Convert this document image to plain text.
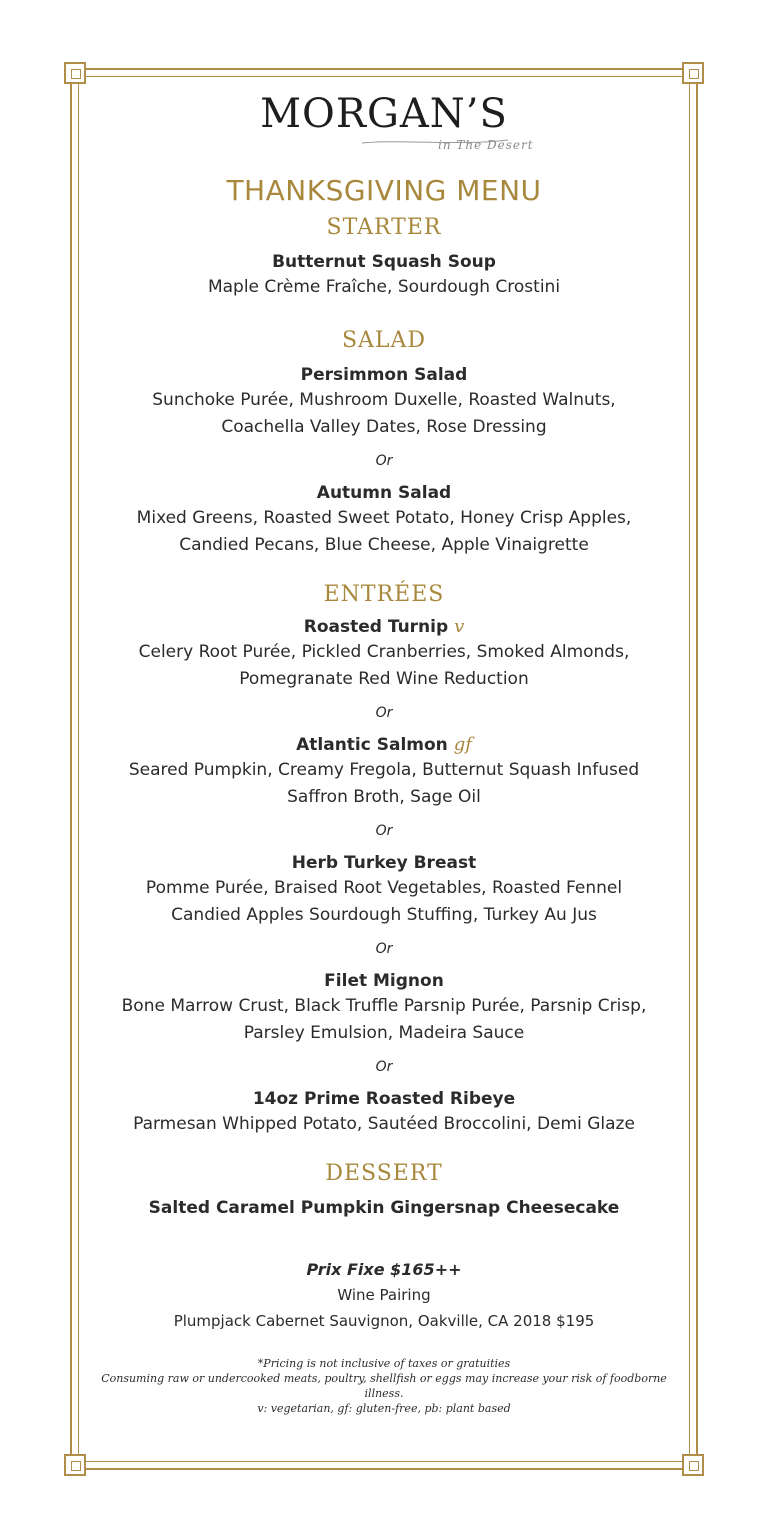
MORGAN’S
in The Desert
THANKSGIVING MENU
STARTER
Butternut Squash Soup
Maple Crème Fraîche, Sourdough Crostini
SALAD
Persimmon Salad
Sunchoke Purée, Mushroom Duxelle, Roasted Walnuts,
Coachella Valley Dates, Rose Dressing
Or
Autumn Salad
Mixed Greens, Roasted Sweet Potato, Honey Crisp Apples,
Candied Pecans, Blue Cheese, Apple Vinaigrette
ENTRÉES
Roasted Turnip v
Celery Root Purée, Pickled Cranberries, Smoked Almonds,
Pomegranate Red Wine Reduction
Or
Atlantic Salmon gf
Seared Pumpkin, Creamy Fregola, Butternut Squash Infused
Saffron Broth, Sage Oil
Or
Herb Turkey Breast
Pomme Purée, Braised Root Vegetables, Roasted Fennel
Candied Apples Sourdough Stuffing, Turkey Au Jus
Or
Filet Mignon
Bone Marrow Crust, Black Truffle Parsnip Purée, Parsnip Crisp,
Parsley Emulsion, Madeira Sauce
Or
14oz Prime Roasted Ribeye
Parmesan Whipped Potato, Sautéed Broccolini, Demi Glaze
DESSERT
Salted Caramel Pumpkin Gingersnap Cheesecake
Prix Fixe $165++
Wine Pairing
Plumpjack Cabernet Sauvignon, Oakville, CA 2018 $195
*Pricing is not inclusive of taxes or gratuities
Consuming raw or undercooked meats, poultry, shellfish or eggs may increase your risk of foodborne illness.
v: vegetarian, gf: gluten-free, pb: plant based
